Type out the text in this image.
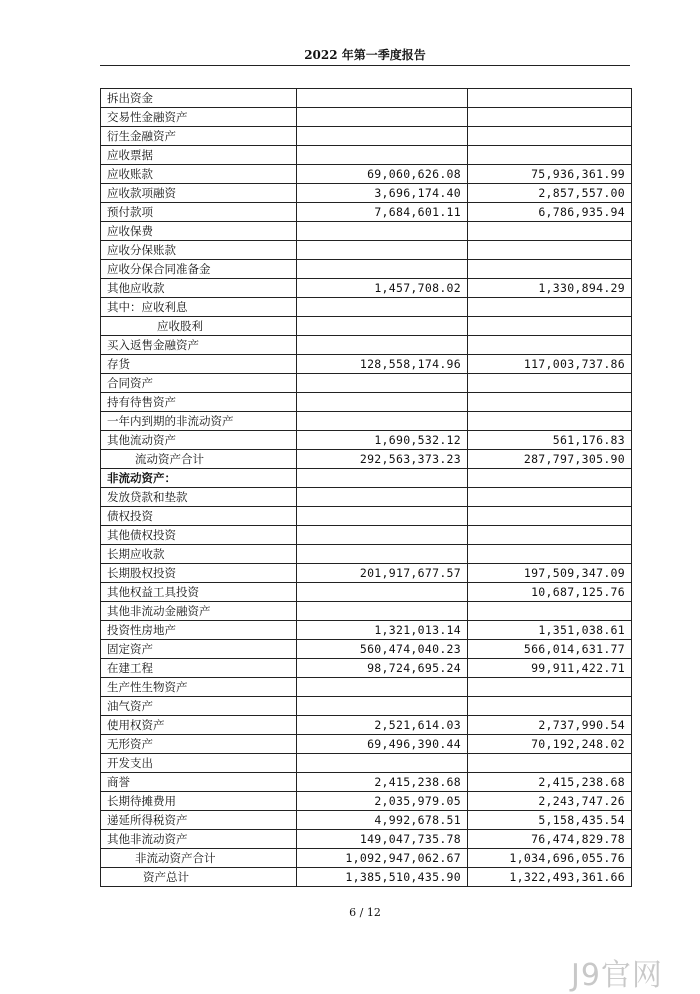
2022 年第一季度报告
拆出资金		
交易性金融资产		
衍生金融资产		
应收票据		
应收账款	69,060,626.08	75,936,361.99
应收款项融资	3,696,174.40	2,857,557.00
预付款项	7,684,601.11	6,786,935.94
应收保费		
应收分保账款		
应收分保合同准备金		
其他应收款	1,457,708.02	1,330,894.29
其中：应收利息		
应收股利		
买入返售金融资产		
存货	128,558,174.96	117,003,737.86
合同资产		
持有待售资产		
一年内到期的非流动资产		
其他流动资产	1,690,532.12	561,176.83
流动资产合计	292,563,373.23	287,797,305.90
非流动资产：		
发放贷款和垫款		
债权投资		
其他债权投资		
长期应收款		
长期股权投资	201,917,677.57	197,509,347.09
其他权益工具投资		10,687,125.76
其他非流动金融资产		
投资性房地产	1,321,013.14	1,351,038.61
固定资产	560,474,040.23	566,014,631.77
在建工程	98,724,695.24	99,911,422.71
生产性生物资产		
油气资产		
使用权资产	2,521,614.03	2,737,990.54
无形资产	69,496,390.44	70,192,248.02
开发支出		
商誉	2,415,238.68	2,415,238.68
长期待摊费用	2,035,979.05	2,243,747.26
递延所得税资产	4,992,678.51	5,158,435.54
其他非流动资产	149,047,735.78	76,474,829.78
非流动资产合计	1,092,947,062.67	1,034,696,055.76
资产总计	1,385,510,435.90	1,322,493,361.66
6 / 12
J9官网
